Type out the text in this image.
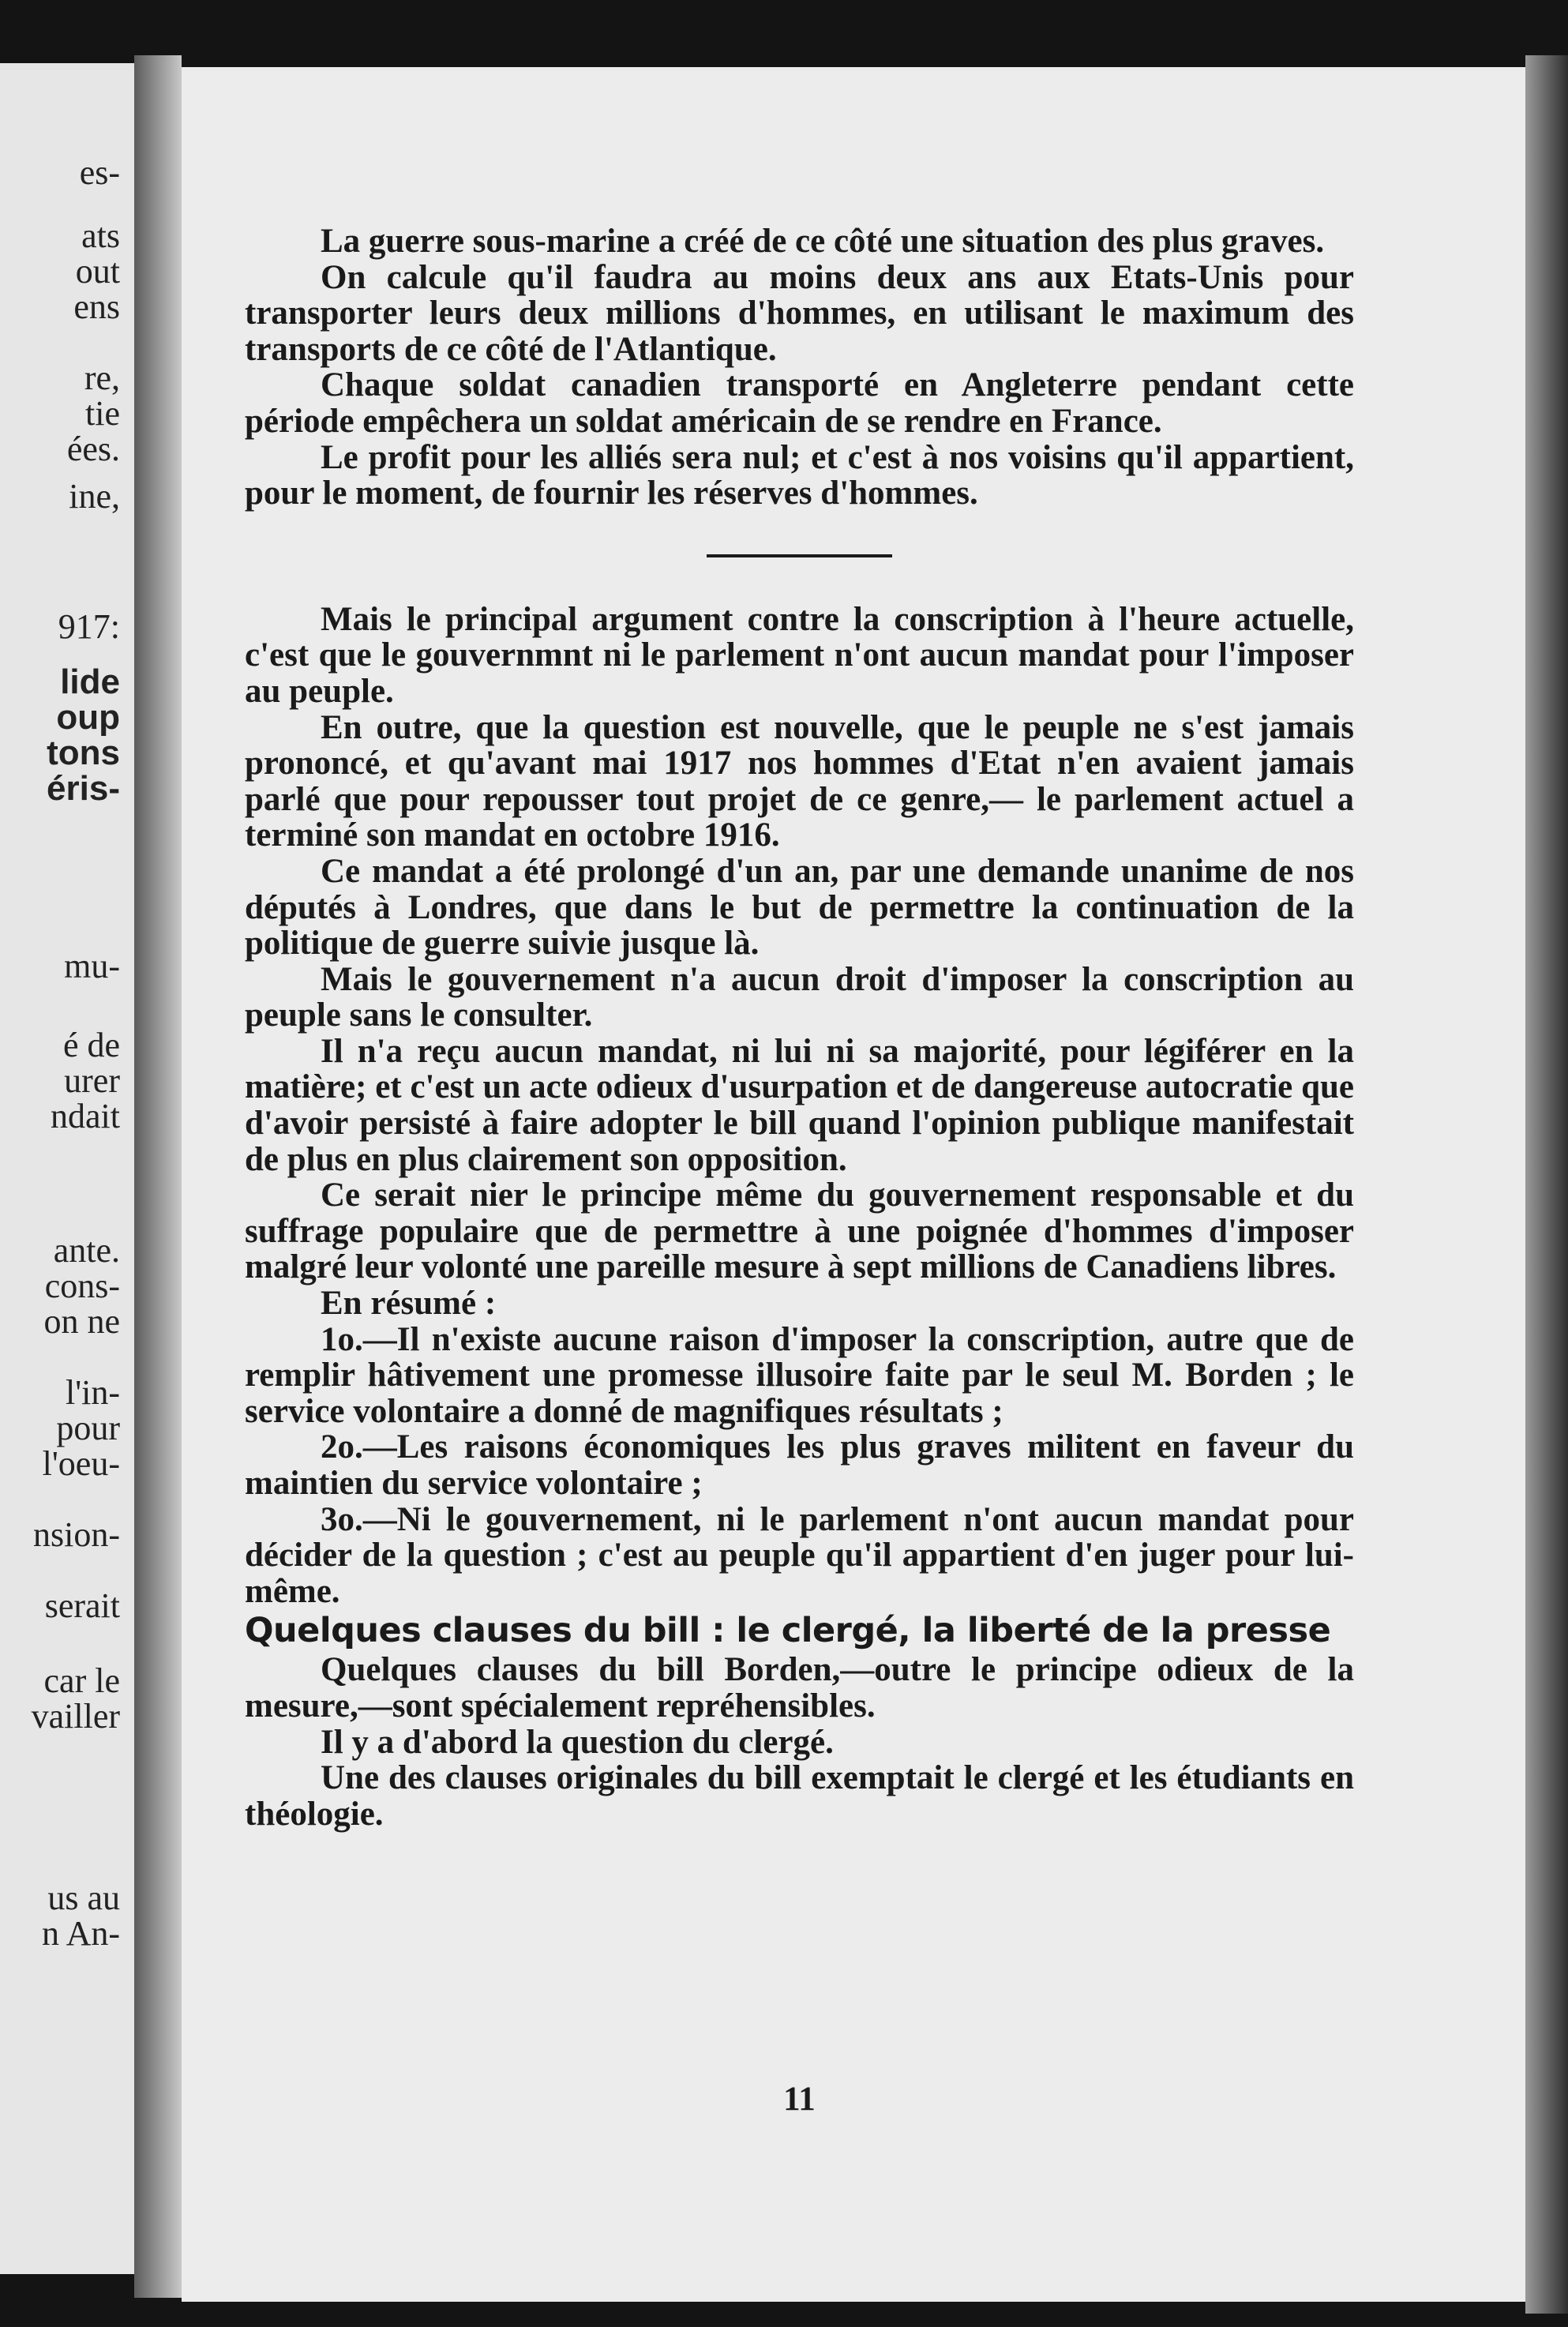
es-
ats
out
ens
re,
tie
ées.
ine,
917:
lide
oup
tons
éris-
mu-
é de
urer
ndait
ante.
cons-
on ne
l'in-
pour
l'oeu-
nsion-
serait
car le
vailler
us au
n An-

La guerre sous-marine a créé de ce côté une situation des plus graves.

On calcule qu'il faudra au moins deux ans aux Etats-Unis pour transporter leurs deux millions d'hommes, en utilisant le maximum des transports de ce côté de l'Atlantique.

Chaque soldat canadien transporté en Angleterre pendant cette période empêchera un soldat américain de se rendre en France.

Le profit pour les alliés sera nul; et c'est à nos voisins qu'il appartient, pour le moment, de fournir les réserves d'hommes.

Mais le principal argument contre la conscription à l'heure actuelle, c'est que le gouvernmnt ni le parlement n'ont aucun mandat pour l'imposer au peuple.

En outre, que la question est nouvelle, que le peuple ne s'est jamais prononcé, et qu'avant mai 1917 nos hommes d'Etat n'en avaient jamais parlé que pour repousser tout projet de ce genre,— le parlement actuel a terminé son mandat en octobre 1916.

Ce mandat a été prolongé d'un an, par une demande unanime de nos députés à Londres, que dans le but de permettre la continuation de la politique de guerre suivie jusque là.

Mais le gouvernement n'a aucun droit d'imposer la conscription au peuple sans le consulter.

Il n'a reçu aucun mandat, ni lui ni sa majorité, pour légiférer en la matière; et c'est un acte odieux d'usurpation et de dangereuse autocratie que d'avoir persisté à faire adopter le bill quand l'opinion publique manifestait de plus en plus clairement son opposition.

Ce serait nier le principe même du gouvernement responsable et du suffrage populaire que de permettre à une poignée d'hommes d'imposer malgré leur volonté une pareille mesure à sept millions de Canadiens libres.

En résumé :

1o.—Il n'existe aucune raison d'imposer la conscription, autre que de remplir hâtivement une promesse illusoire faite par le seul M. Borden ; le service volontaire a donné de magnifiques résultats ;

2o.—Les raisons économiques les plus graves militent en faveur du maintien du service volontaire ;

3o.—Ni le gouvernement, ni le parlement n'ont aucun mandat pour décider de la question ; c'est au peuple qu'il appartient d'en juger pour lui-même.

Quelques clauses du bill : le clergé, la liberté de la presse

Quelques clauses du bill Borden,—outre le principe odieux de la mesure,—sont spécialement repréhensibles.

Il y a d'abord la question du clergé.

Une des clauses originales du bill exemptait le clergé et les étudiants en théologie.

11
